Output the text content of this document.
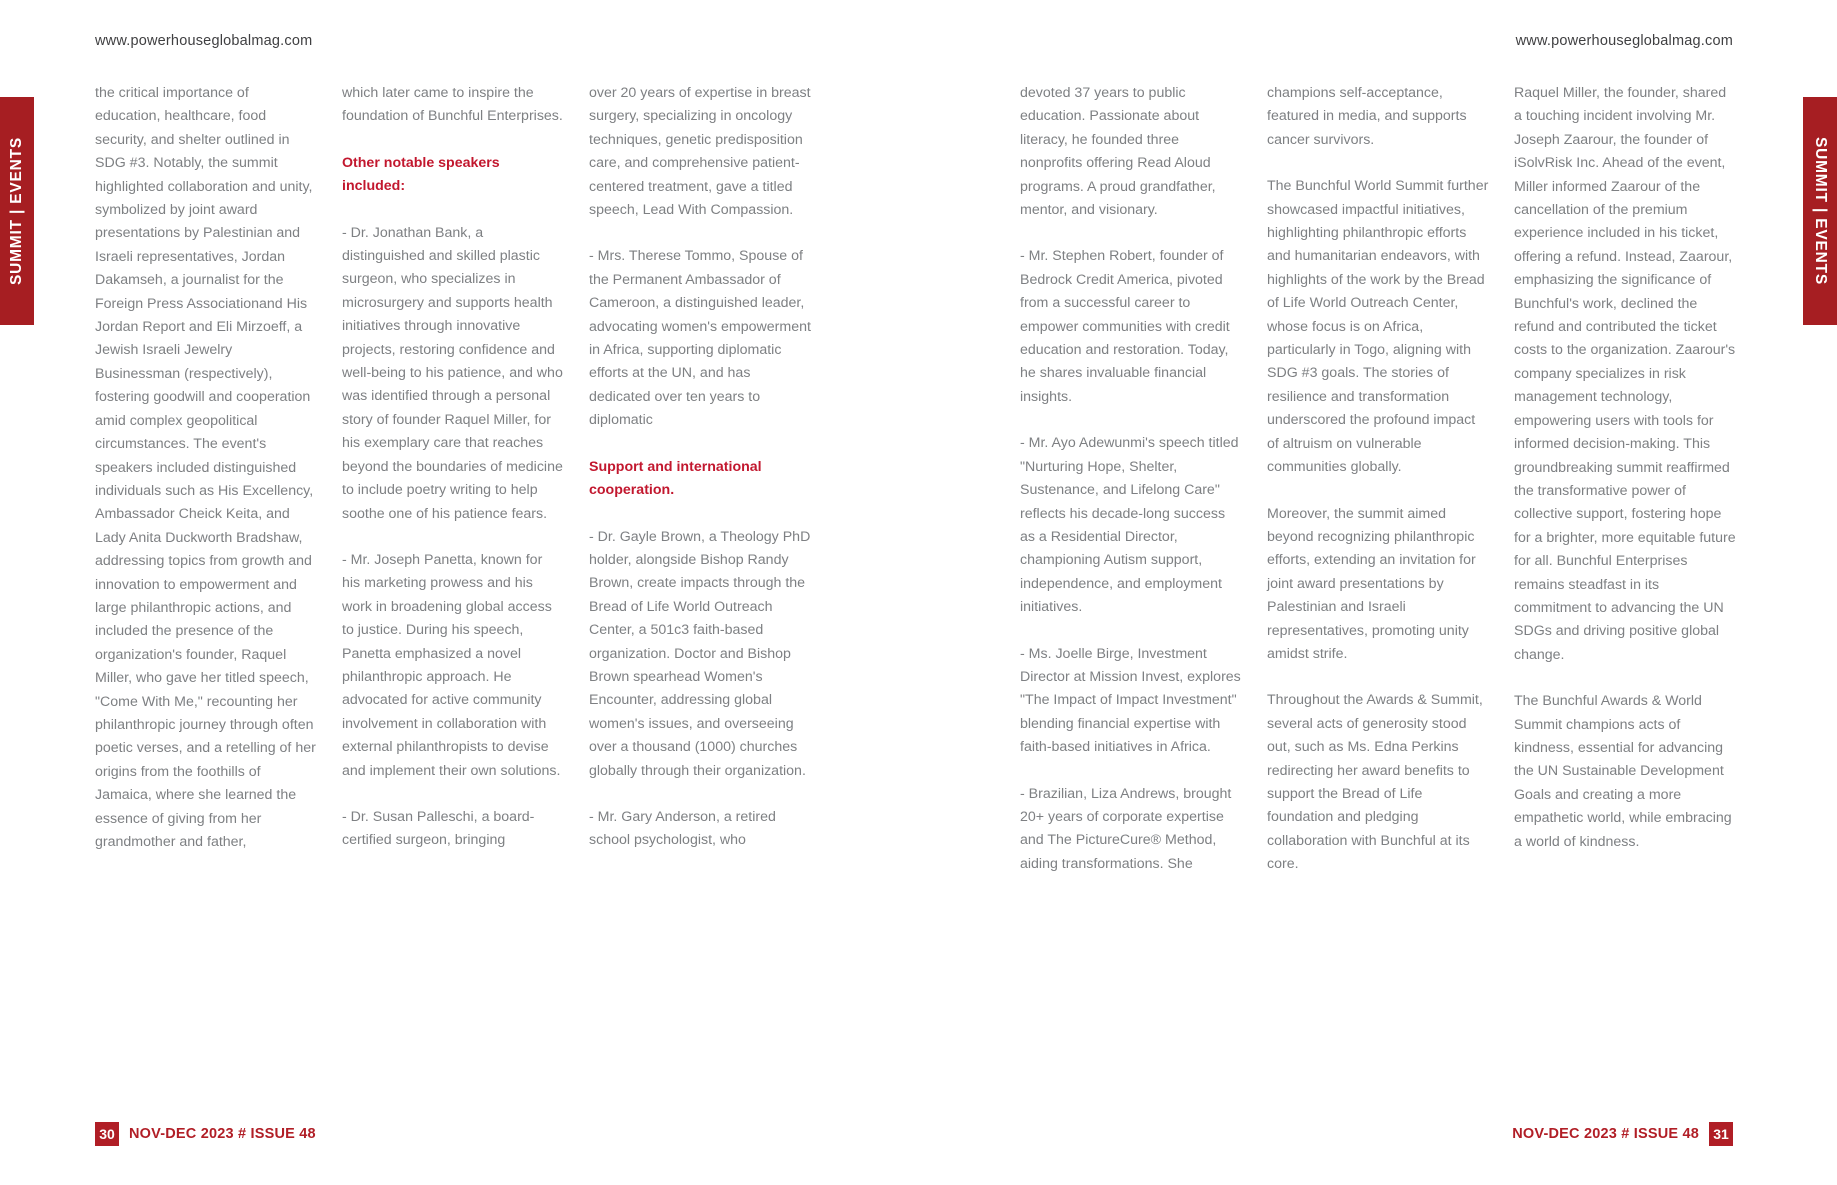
SUMMIT | EVENTS	SUMMIT | EVENTS
www.powerhouseglobalmag.com

the critical importance of education, healthcare, food security, and shelter outlined in SDG #3. Notably, the summit highlighted collaboration and unity, symbolized by joint award presentations by Palestinian and Israeli representatives, Jordan Dakamseh, a journalist for the Foreign Press Associationand His Jordan Report and Eli Mirzoeff, a Jewish Israeli Jewelry Businessman (respectively), fostering goodwill and cooperation amid complex geopolitical circumstances. The event's speakers included distinguished individuals such as His Excellency, Ambassador Cheick Keita, and Lady Anita Duckworth Bradshaw, addressing topics from growth and innovation to empowerment and large philanthropic actions, and included the presence of the organization's founder, Raquel Miller, who gave her titled speech, "Come With Me," recounting her philanthropic journey through often poetic verses, and a retelling of her origins from the foothills of Jamaica, where she learned the essence of giving from her grandmother and father,

which later came to inspire the foundation of Bunchful Enterprises.

Other notable speakers included:

- Dr. Jonathan Bank, a distinguished and skilled plastic surgeon, who specializes in microsurgery and supports health initiatives through innovative projects, restoring confidence and well-being to his patience, and who was identified through a personal story of founder Raquel Miller, for his exemplary care that reaches beyond the boundaries of medicine to include poetry writing to help soothe one of his patience fears.

- Mr. Joseph Panetta, known for his marketing prowess and his work in broadening global access to justice. During his speech, Panetta emphasized a novel philanthropic approach. He advocated for active community involvement in collaboration with external philanthropists to devise and implement their own solutions.

- Dr. Susan Palleschi, a board-certified surgeon, bringing

over 20 years of expertise in breast surgery, specializing in oncology techniques, genetic predisposition care, and comprehensive patient-centered treatment, gave a titled speech, Lead With Compassion.

- Mrs. Therese Tommo, Spouse of the Permanent Ambassador of Cameroon, a distinguished leader, advocating women's empowerment in Africa, supporting diplomatic efforts at the UN, and has dedicated over ten years to diplomatic

Support and international cooperation.

- Dr. Gayle Brown, a Theology PhD holder, alongside Bishop Randy Brown, create impacts through the Bread of Life World Outreach Center, a 501c3 faith-based organization. Doctor and Bishop Brown spearhead Women's Encounter, addressing global women's issues, and overseeing over a thousand (1000) churches globally through their organization.

- Mr. Gary Anderson, a retired school psychologist, who

30 NOV-DEC 2023 # ISSUE 48
www.powerhouseglobalmag.com

devoted 37 years to public education. Passionate about literacy, he founded three nonprofits offering Read Aloud programs. A proud grandfather, mentor, and visionary.

- Mr. Stephen Robert, founder of Bedrock Credit America, pivoted from a successful career to empower communities with credit education and restoration. Today, he shares invaluable financial insights.

- Mr. Ayo Adewunmi's speech titled "Nurturing Hope, Shelter, Sustenance, and Lifelong Care" reflects his decade-long success as a Residential Director, championing Autism support, independence, and employment initiatives.

- Ms. Joelle Birge, Investment Director at Mission Invest, explores "The Impact of Impact Investment" blending financial expertise with faith-based initiatives in Africa.

- Brazilian, Liza Andrews, brought 20+ years of corporate expertise and The PictureCure® Method, aiding transformations. She

champions self-acceptance, featured in media, and supports cancer survivors.

The Bunchful World Summit further showcased impactful initiatives, highlighting philanthropic efforts and humanitarian endeavors, with highlights of the work by the Bread of Life World Outreach Center, whose focus is on Africa, particularly in Togo, aligning with SDG #3 goals. The stories of resilience and transformation underscored the profound impact of altruism on vulnerable communities globally.

Moreover, the summit aimed beyond recognizing philanthropic efforts, extending an invitation for joint award presentations by Palestinian and Israeli representatives, promoting unity amidst strife.

Throughout the Awards & Summit, several acts of generosity stood out, such as Ms. Edna Perkins redirecting her award benefits to support the Bread of Life foundation and pledging collaboration with Bunchful at its core.

Raquel Miller, the founder, shared a touching incident involving Mr. Joseph Zaarour, the founder of iSolvRisk Inc. Ahead of the event, Miller informed Zaarour of the cancellation of the premium experience included in his ticket, offering a refund. Instead, Zaarour, emphasizing the significance of Bunchful's work, declined the refund and contributed the ticket costs to the organization. Zaarour's company specializes in risk management technology, empowering users with tools for informed decision-making. This groundbreaking summit reaffirmed the transformative power of collective support, fostering hope for a brighter, more equitable future for all. Bunchful Enterprises remains steadfast in its commitment to advancing the UN SDGs and driving positive global change.

The Bunchful Awards & World Summit champions acts of kindness, essential for advancing the UN Sustainable Development Goals and creating a more empathetic world, while embracing a world of kindness.

NOV-DEC 2023 # ISSUE 48	31
